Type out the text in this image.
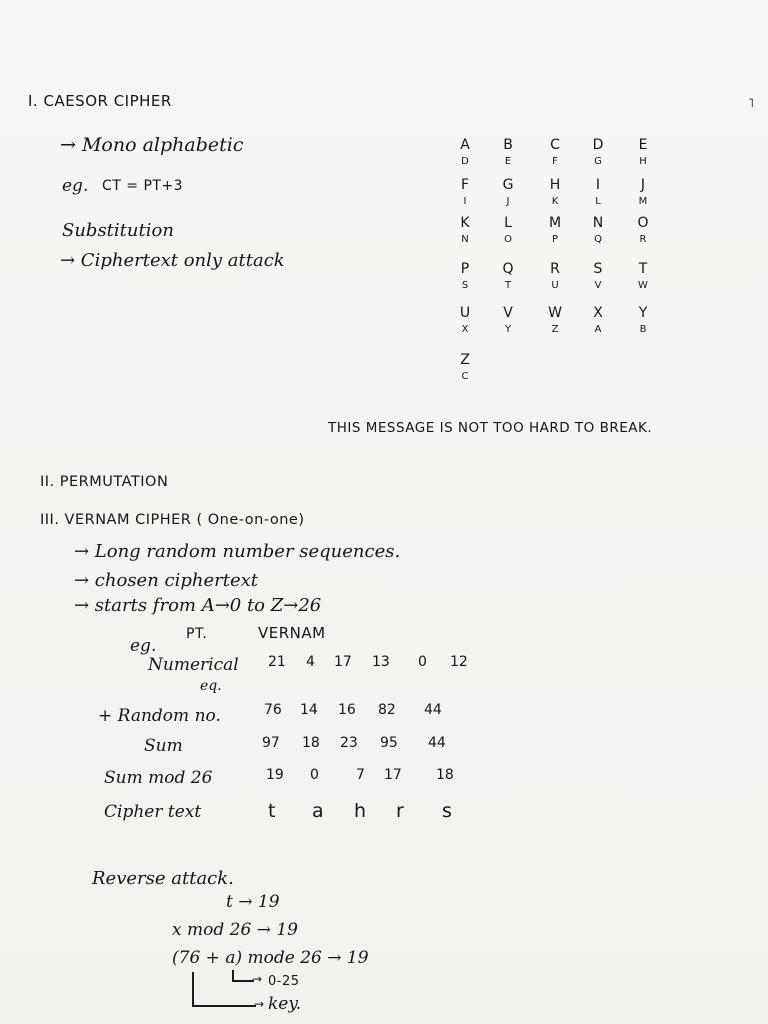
I. CAESOR CIPHER
→ Mono alphabetic
eg. CT = PT+3
Substitution
→ Ciphertext only attack
˥
A	B	C	D	E
D	E	F	G	H
F	G	H	I	J
I	J	K	L	M
K	L	M	N	O
N	O	P	Q	R
P	Q	R	S	T
S	T	U	V	W
U	V	W	X	Y
X	Y	Z	A	B
Z
C
THIS MESSAGE IS NOT TOO HARD TO BREAK.
II. PERMUTATION
III. VERNAM CIPHER ( One-on-one)
→ Long random number sequences.
→ chosen ciphertext
→ starts from A→0 to Z→26
eg.
PT.	VERNAM
Numerical
eq.
21 4 17 13 0 12
+ Random no.	76 14 16 82 44
Sum	97 18 23 95 44
Sum mod 26	19 0	7 17 18
Cipher text	t a h r s
Reverse attack.
t → 19
x mod 26 → 19
(76 + a) mode 26 → 19
→ 0-25
→ key.
